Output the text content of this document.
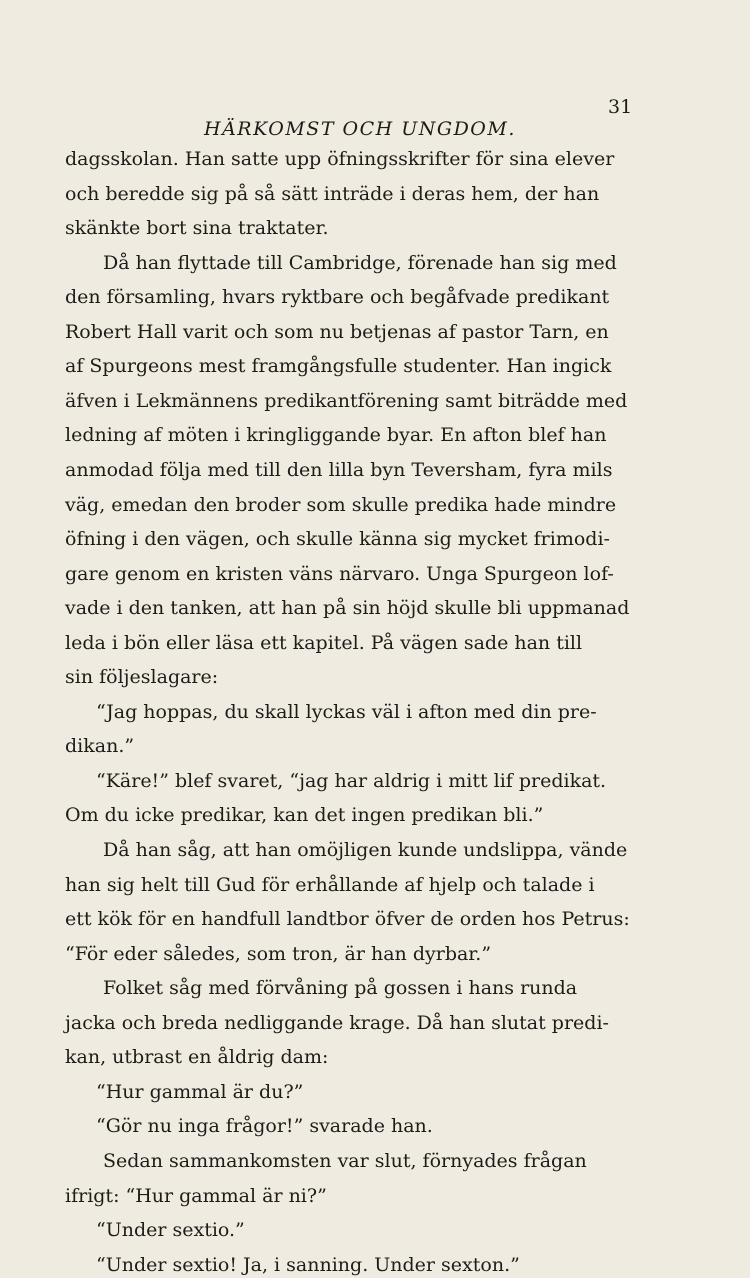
HÄRKOMST OCH UNGDOM.
31
dagsskolan. Han satte upp öfningsskrifter för sina elever
och beredde sig på så sätt inträde i deras hem, der han
skänkte bort sina traktater.
Då han flyttade till Cambridge, förenade han sig med
den församling, hvars ryktbare och begåfvade predikant
Robert Hall varit och som nu betjenas af pastor Tarn, en
af Spurgeons mest framgångsfulle studenter. Han ingick
äfven i Lekmännens predikantförening samt biträdde med
ledning af möten i kringliggande byar. En afton blef han
anmodad följa med till den lilla byn Teversham, fyra mils
väg, emedan den broder som skulle predika hade mindre
öfning i den vägen, och skulle känna sig mycket frimodi-
gare genom en kristen väns närvaro. Unga Spurgeon lof-
vade i den tanken, att han på sin höjd skulle bli uppmanad
leda i bön eller läsa ett kapitel. På vägen sade han till
sin följeslagare:
“Jag hoppas, du skall lyckas väl i afton med din pre-
dikan.”
“Käre!” blef svaret, “jag har aldrig i mitt lif predikat.
Om du icke predikar, kan det ingen predikan bli.”
Då han såg, att han omöjligen kunde undslippa, vände
han sig helt till Gud för erhållande af hjelp och talade i
ett kök för en handfull landtbor öfver de orden hos Petrus:
“För eder således, som tron, är han dyrbar.”
Folket såg med förvåning på gossen i hans runda
jacka och breda nedliggande krage. Då han slutat predi-
kan, utbrast en åldrig dam:
“Hur gammal är du?”
“Gör nu inga frågor!” svarade han.
Sedan sammankomsten var slut, förnyades frågan
ifrigt: “Hur gammal är ni?”
“Under sextio.”
“Under sextio! Ja, i sanning. Under sexton.”
